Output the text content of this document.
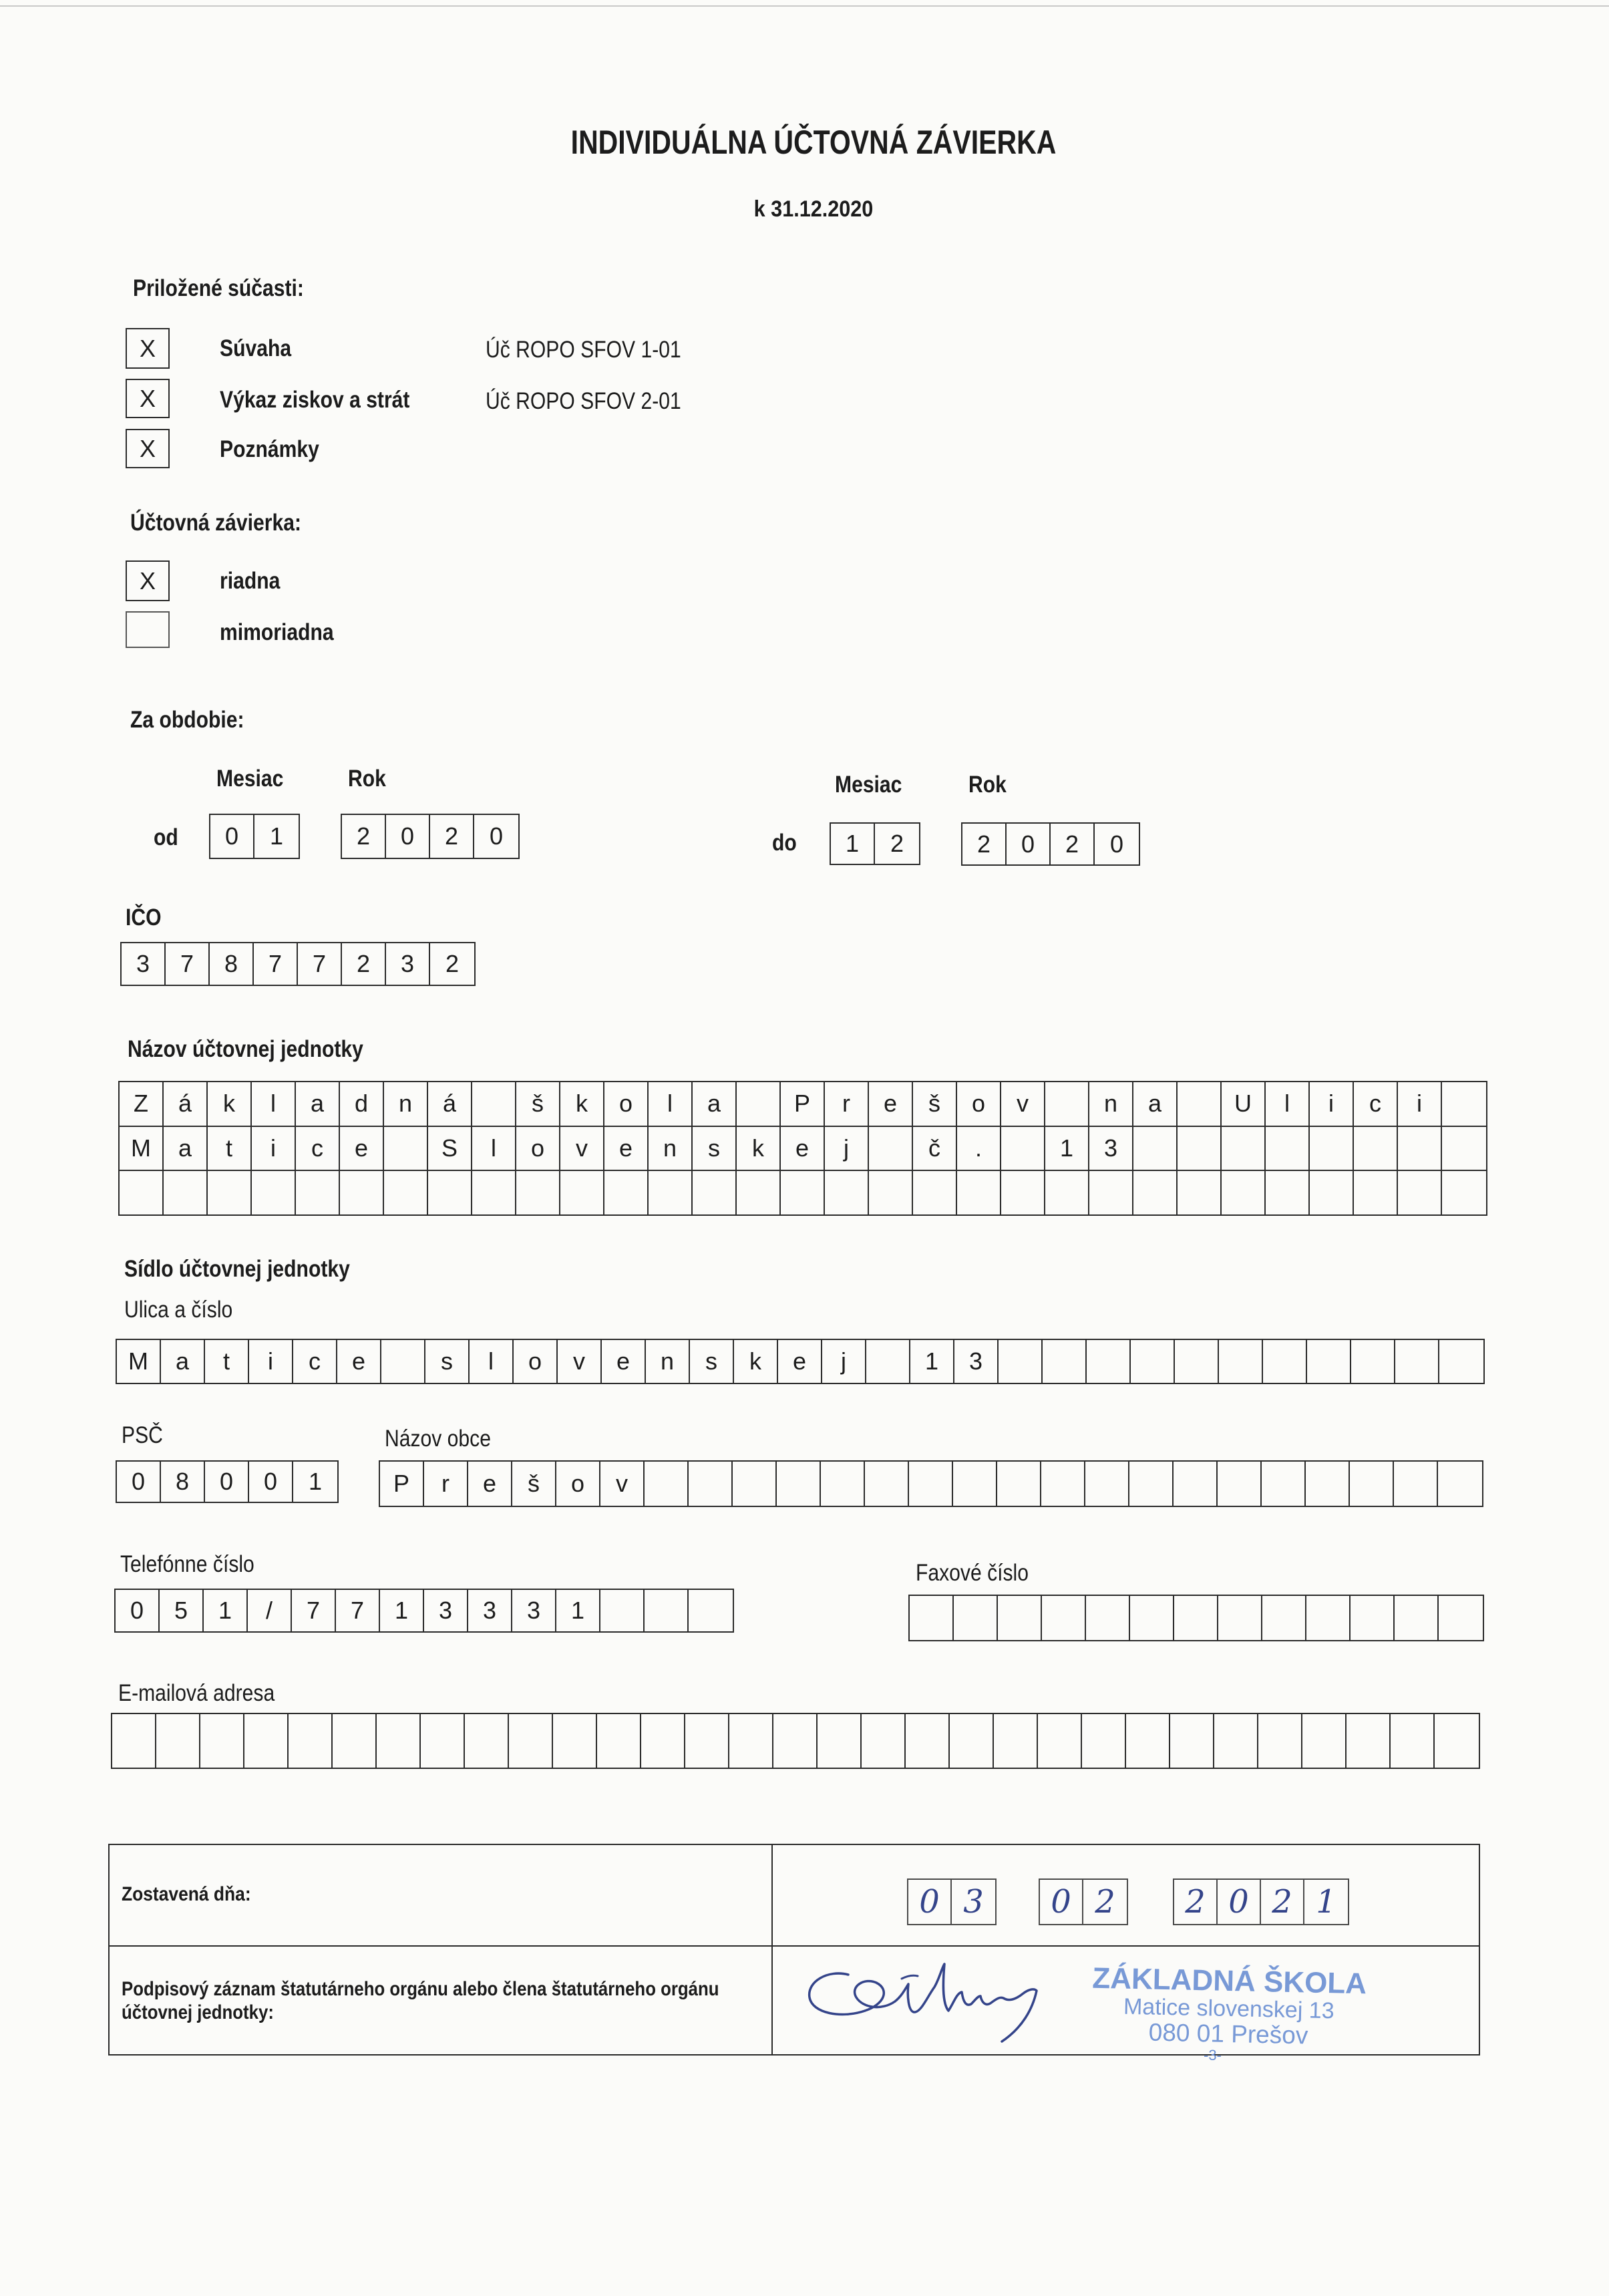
INDIVIDUÁLNA ÚČTOVNÁ ZÁVIERKA
k 31.12.2020
Priložené súčasti:
X	Súvaha	Úč ROPO SFOV 1-01
X	Výkaz ziskov a strát	Úč ROPO SFOV 2-01
X	Poznámky
Účtovná závierka:
X	riadna
mimoriadna
Za obdobie:
Mesiac	Rok	Mesiac	Rok
od	0	1	2	0	2	0	do	1	2	2	0	2	0
IČO
3	7	8	7	7	2	3	2
Názov účtovnej jednotky
Z	á	k	l	a	d	n	á	š	k	o	l	a	P	r	e	š	o	v	n	a	U	l	i	c	i
M	a	t	i	c	e	S	l	o	v	e	n	s	k	e	j	č	.	1	3
Sídlo účtovnej jednotky
Ulica a číslo
M	a	t	i	c	e	s	l	o	v	e	n	s	k	e	j	1	3
PSČ	Názov obce
0	8	0	0	1	P	r	e	š	o	v
Telefónne číslo	Faxové číslo
0	5	1	/	7	7	1	3	3	3	1
E-mailová adresa
Zostavená dňa:	0 3	0 2	2 0 2 1
Podpisový záznam štatutárneho orgánu alebo člena štatutárneho orgánu
účtovnej jednotky:
ZÁKLADNÁ ŠKOLA
Matice slovenskej 13
080 01 Prešov
-3-
